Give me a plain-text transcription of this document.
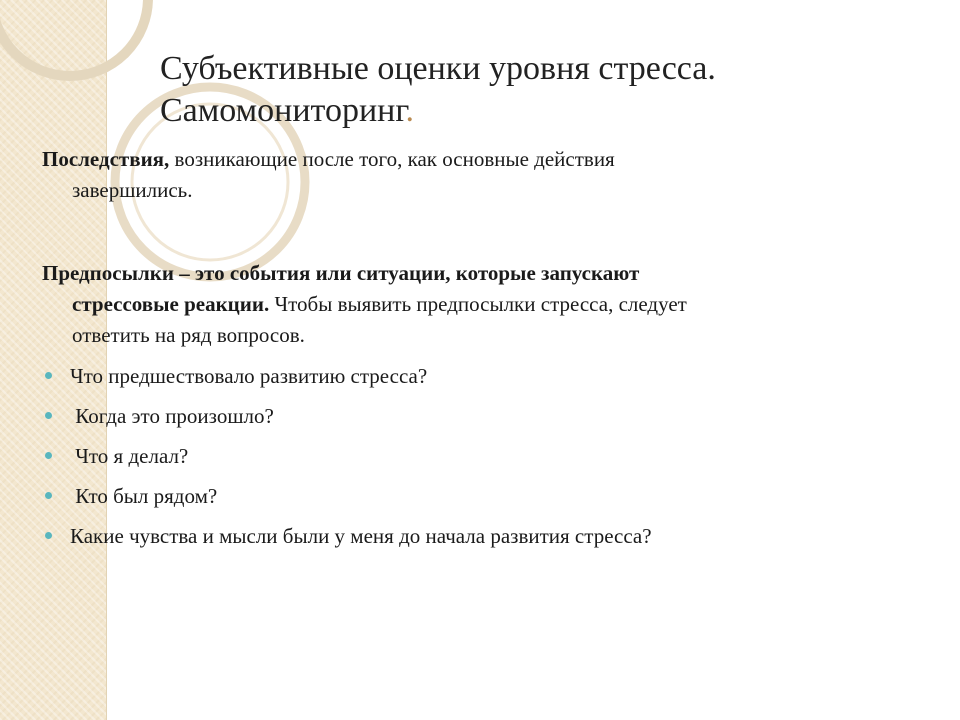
Субъективные оценки уровня стресса.
Самомониторинг.

Последствия, возникающие после того, как основные действия
завершились.

Предпосылки – это события или ситуации, которые запускают
стрессовые реакции. Чтобы выявить предпосылки стресса, следует
ответить на ряд вопросов.

Что предшествовало развитию стресса?
Когда это произошло?
Что я делал?
Кто был рядом?
Какие чувства и мысли были у меня до начала развития стресса?
